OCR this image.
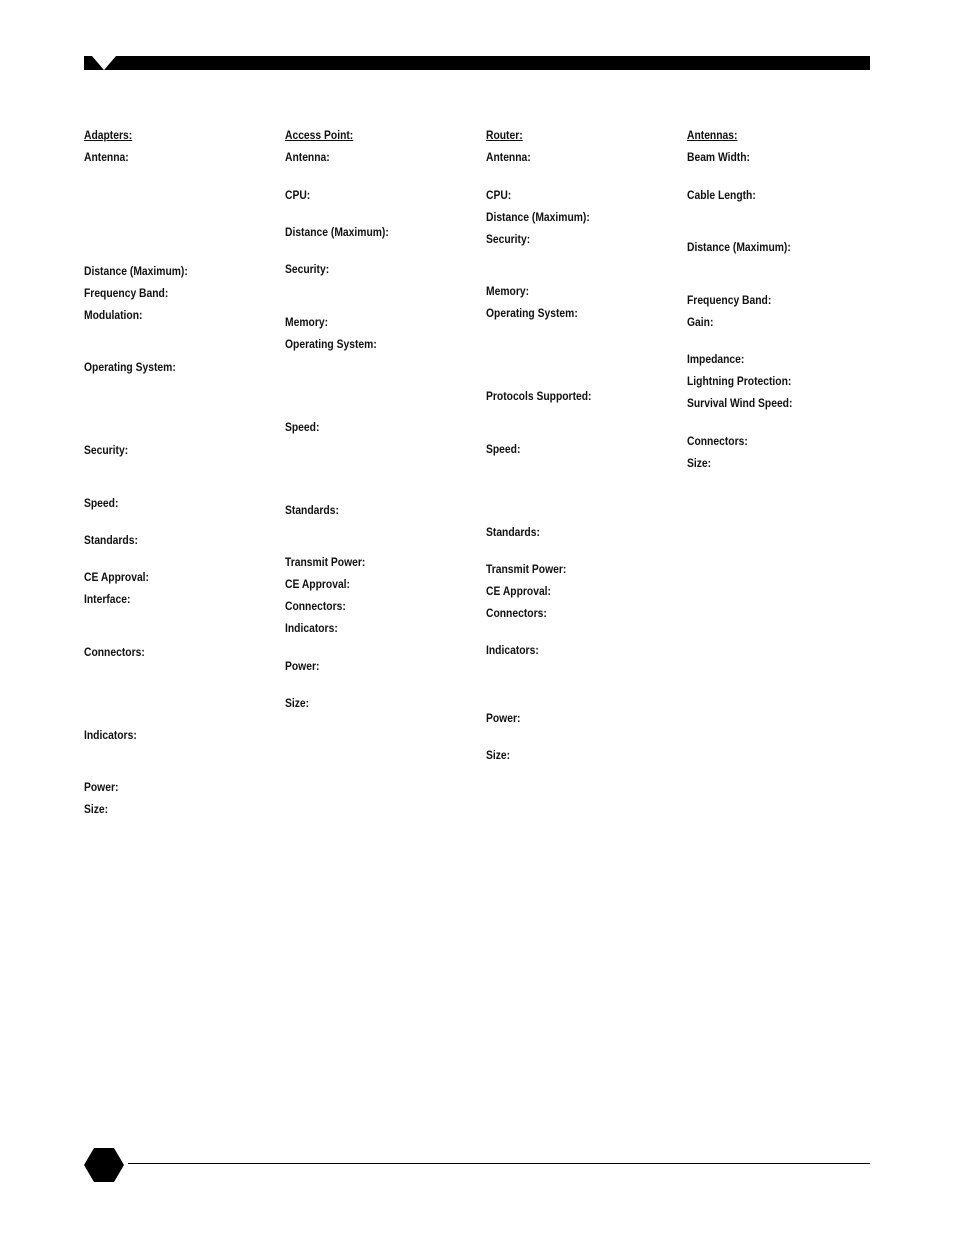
Adapters:

Antenna:

Distance (Maximum):

Frequency Band:

Modulation:

Operating System:

Security:

Speed:

Standards:

CE Approval:

Interface:

Connectors:

Indicators:

Power:

Size:

Access Point:

Antenna:

CPU:

Distance (Maximum):

Security:

Memory:

Operating System:

Speed:

Standards:

Transmit Power:

CE Approval:

Connectors:

Indicators:

Power:

Size:

Router:

Antenna:

CPU:

Distance (Maximum):

Security:

Memory:

Operating System:

Protocols Supported:

Speed:

Standards:

Transmit Power:

CE Approval:

Connectors:

Indicators:

Power:

Size:

Antennas:

Beam Width:

Cable Length:

Distance (Maximum):

Frequency Band:

Gain:

Impedance:

Lightning Protection:

Survival Wind Speed:

Connectors:

Size:
